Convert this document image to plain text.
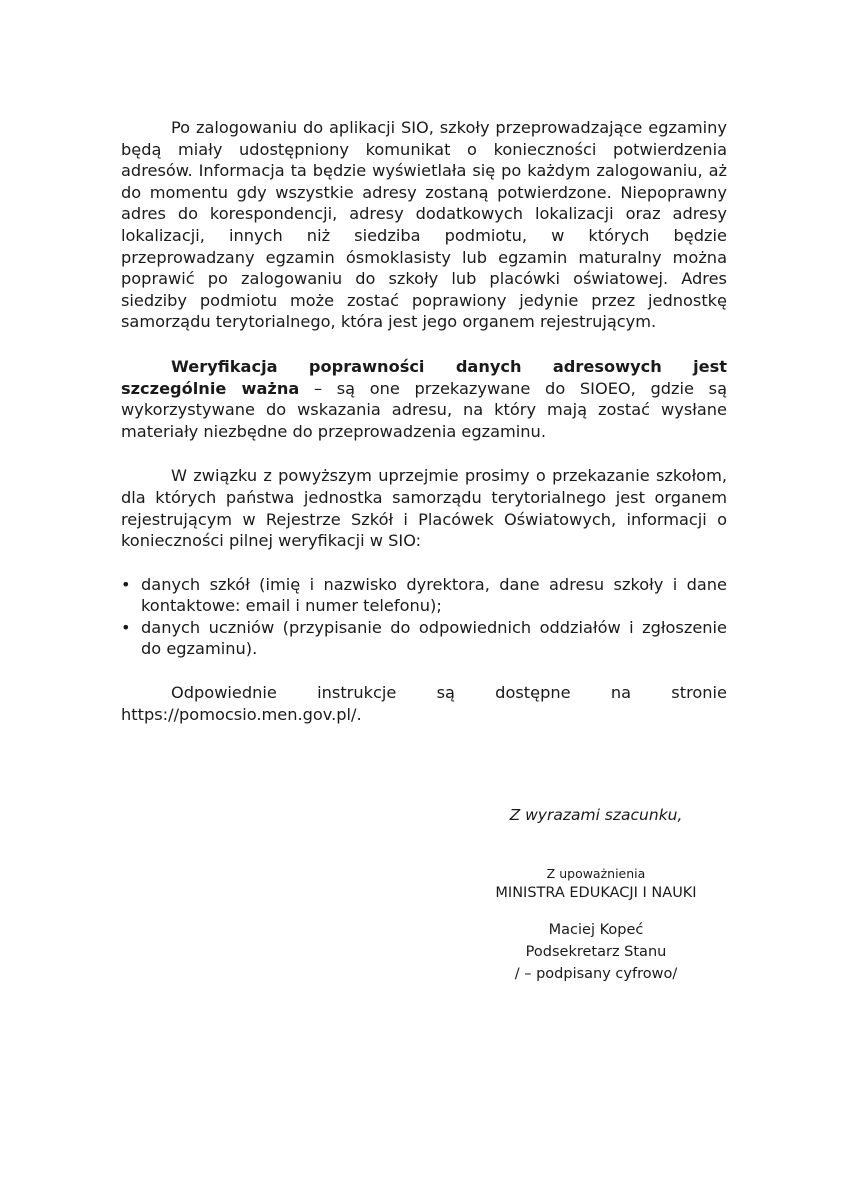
Po zalogowaniu do aplikacji SIO, szkoły przeprowadzające egzaminy będą miały udostępniony komunikat o konieczności potwierdzenia adresów. Informacja ta będzie wyświetlała się po każdym zalogowaniu, aż do momentu gdy wszystkie adresy zostaną potwierdzone. Niepoprawny adres do korespondencji, adresy dodatkowych lokalizacji oraz adresy lokalizacji, innych niż siedziba podmiotu, w których będzie przeprowadzany egzamin ósmoklasisty lub egzamin maturalny można poprawić po zalogowaniu do szkoły lub placówki oświatowej. Adres siedziby podmiotu może zostać poprawiony jedynie przez jednostkę samorządu terytorialnego, która jest jego organem rejestrującym.

Weryfikacja poprawności danych adresowych jest szczególnie ważna – są one przekazywane do SIOEO, gdzie są wykorzystywane do wskazania adresu, na który mają zostać wysłane materiały niezbędne do przeprowadzenia egzaminu.

W związku z powyższym uprzejmie prosimy o przekazanie szkołom, dla których państwa jednostka samorządu terytorialnego jest organem rejestrującym w Rejestrze Szkół i Placówek Oświatowych, informacji o konieczności pilnej weryfikacji w SIO:

• danych szkół (imię i nazwisko dyrektora, dane adresu szkoły i dane kontaktowe: email i numer telefonu);
• danych uczniów (przypisanie do odpowiednich oddziałów i zgłoszenie do egzaminu).

Odpowiednie instrukcje są dostępne na stronie

https://pomocsio.men.gov.pl/.

Z wyrazami szacunku,
Z upoważnienia
MINISTRA EDUKACJI I NAUKI
Maciej Kopeć
Podsekretarz Stanu
/ – podpisany cyfrowo/
